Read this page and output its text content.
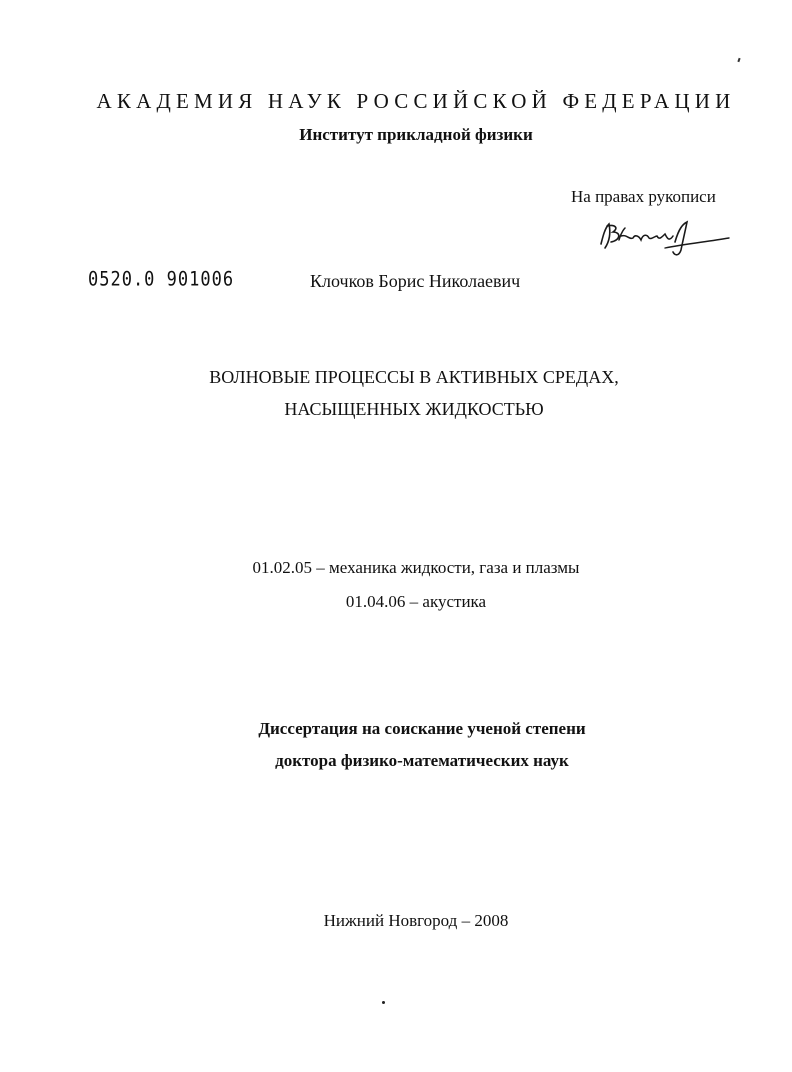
АКАДЕМИЯ НАУК РОССИЙСКОЙ ФЕДЕРАЦИИ
Институт прикладной физики
На правах рукописи
0520.0 901006	Клочков Борис Николаевич
ВОЛНОВЫЕ ПРОЦЕССЫ В АКТИВНЫХ СРЕДАХ,
НАСЫЩЕННЫХ ЖИДКОСТЬЮ
01.02.05 – механика жидкости, газа и плазмы
01.04.06 – акустика
Диссертация на соискание ученой степени
доктора физико-математических наук
Нижний Новгород – 2008
